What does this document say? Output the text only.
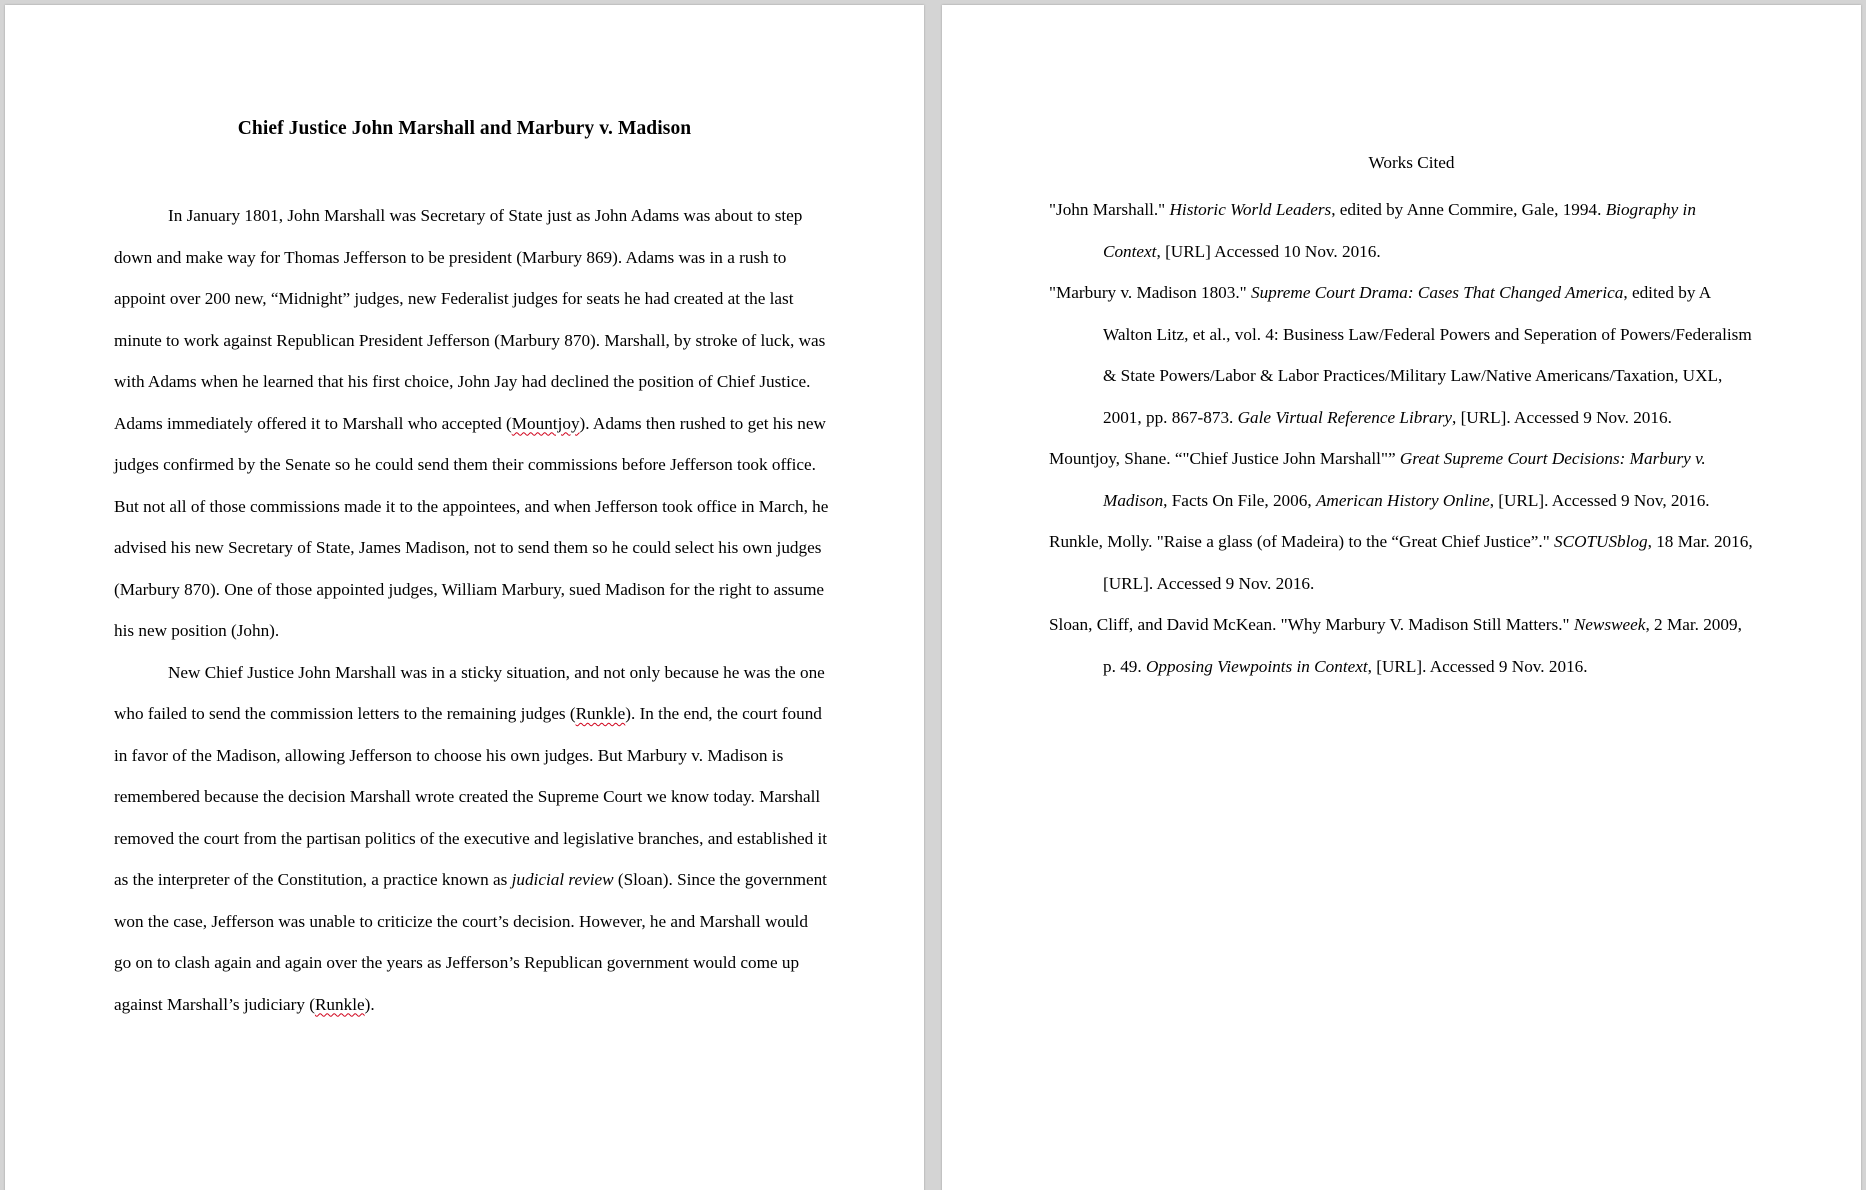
Chief Justice John Marshall and Marbury v. Madison

In January 1801, John Marshall was Secretary of State just as John Adams was about to step down and make way for Thomas Jefferson to be president (Marbury 869). Adams was in a rush to appoint over 200 new, “Midnight” judges, new Federalist judges for seats he had created at the last minute to work against Republican President Jefferson (Marbury 870). Marshall, by stroke of luck, was with Adams when he learned that his first choice, John Jay had declined the position of Chief Justice. Adams immediately offered it to Marshall who accepted (Mountjoy). Adams then rushed to get his new judges confirmed by the Senate so he could send them their commissions before Jefferson took office. But not all of those commissions made it to the appointees, and when Jefferson took office in March, he advised his new Secretary of State, James Madison, not to send them so he could select his own judges (Marbury 870). One of those appointed judges, William Marbury, sued Madison for the right to assume his new position (John).

New Chief Justice John Marshall was in a sticky situation, and not only because he was the one who failed to send the commission letters to the remaining judges (Runkle). In the end, the court found in favor of the Madison, allowing Jefferson to choose his own judges. But Marbury v. Madison is remembered because the decision Marshall wrote created the Supreme Court we know today. Marshall removed the court from the partisan politics of the executive and legislative branches, and established it as the interpreter of the Constitution, a practice known as judicial review (Sloan). Since the government won the case, Jefferson was unable to criticize the court’s decision. However, he and Marshall would go on to clash again and again over the years as Jefferson’s Republican government would come up against Marshall’s judiciary (Runkle).

Works Cited

"John Marshall." Historic World Leaders, edited by Anne Commire, Gale, 1994. Biography in Context, [URL] Accessed 10 Nov. 2016.

"Marbury v. Madison 1803." Supreme Court Drama: Cases That Changed America, edited by A Walton Litz, et al., vol. 4: Business Law/Federal Powers and Seperation of Powers/Federalism & State Powers/Labor & Labor Practices/Military Law/Native Americans/Taxation, UXL, 2001, pp. 867-873. Gale Virtual Reference Library, [URL]. Accessed 9 Nov. 2016.

Mountjoy, Shane. “"Chief Justice John Marshall"” Great Supreme Court Decisions: Marbury v. Madison, Facts On File, 2006, American History Online, [URL]. Accessed 9 Nov, 2016.

Runkle, Molly. "Raise a glass (of Madeira) to the “Great Chief Justice”." SCOTUSblog, 18 Mar. 2016, [URL]. Accessed 9 Nov. 2016.

Sloan, Cliff, and David McKean. "Why Marbury V. Madison Still Matters." Newsweek, 2 Mar. 2009, p. 49. Opposing Viewpoints in Context, [URL]. Accessed 9 Nov. 2016.
